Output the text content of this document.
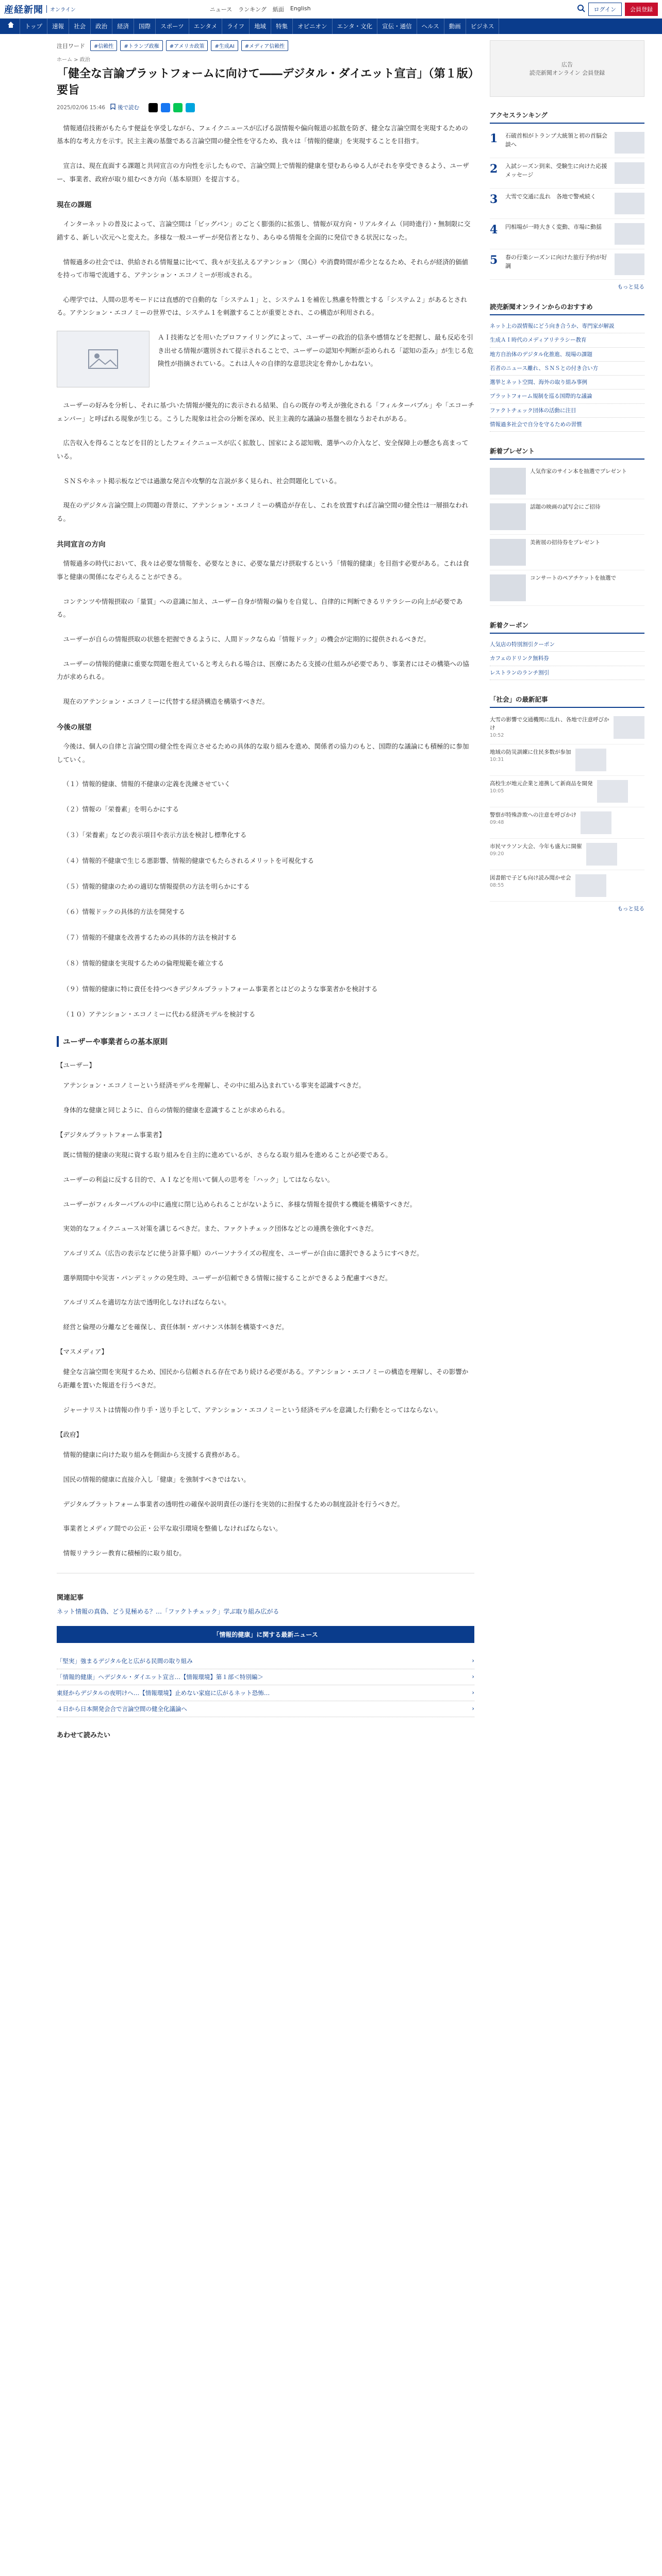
産経新聞	オンライン	ニュース ランキング 紙面 English	ログイン	会員登録
トップ	速報	社会	政治	経済	国際	スポーツ	エンタメ	ライフ	地域	特集	オピニオン	エンタ・文化	宣伝・通信	ヘルス	動画	ビジネス
注目ワード	#信賴性	#トランプ政権	#アメリカ政策	#生成AI	#メディア信賴性
ホーム > 政治
「健全な言論プラットフォームに向けて――デジタル・ダイエット宣言」（第１版）要旨
2025/02/06 15:46 後で読む

情報通信技術がもたらす便益を享受しながら、フェイクニュースが広げる誤情報や偏向報道の拡散を防ぎ、健全な言論空間を実現するための基本的な考え方を示す。民主主義の基盤である言論空間の健全性を守るため、我々は「情報的健康」を実現することを目指す。

宣言は、現在直面する課題と共同宣言の方向性を示したもので、言論空間上で情報的健康を望むあらゆる人がそれを享受できるよう、ユーザー、事業者、政府が取り組むべき方向（基本原則）を提言する。

現在の課題

インターネットの普及によって、言論空間は「ビッグバン」のごとく膨張的に拡張し、情報が双方向・リアルタイム（同時進行）・無制限に交錯する、新しい次元へと変えた。多様な一般ユーザーが発信者となり、あらゆる情報を全面的に発信できる状況になった。

情報過多の社会では、供給される情報量に比べて、我々が支払えるアテンション（関心）や消費時間が希少となるため、それらが経済的価値を持って市場で流通する、アテンション・エコノミーが形成される。

心理学では、人間の思考モードには直感的で自動的な「システム１」と、システム１を補佐し熟慮を特徴とする「システム２」があるとされる。アテンション・エコノミーの世界では、システム１を刺激することが重要とされ、この構造が利用される。

ＡＩ技術などを用いたプロファイリングによって、ユーザーの政治的信条や感情などを把握し、最も反応を引き出せる情報が選別されて提示されることで、ユーザーの認知や判断が歪められる「認知の歪み」が生じる危険性が指摘されている。これは人々の自律的な意思決定を脅かしかねない。

ユーザーの好みを分析し、それに基づいた情報が優先的に表示される結果、自らの既存の考えが強化される「フィルターバブル」や「エコーチェンバー」と呼ばれる現象が生じる。こうした現象は社会の分断を深め、民主主義的な議論の基盤を損なうおそれがある。

広告収入を得ることなどを目的としたフェイクニュースが広く拡散し、国家による認知戦、選挙への介入など、安全保障上の懸念も高まっている。

ＳＮＳやネット掲示板などでは過激な発言や攻撃的な言説が多く見られ、社会問題化している。

現在のデジタル言論空間上の問題の背景に、アテンション・エコノミーの構造が存在し、これを放置すれば言論空間の健全性は一層損なわれる。

共同宣言の方向

情報過多の時代において、我々は必要な情報を、必要なときに、必要な量だけ摂取するという「情報的健康」を目指す必要がある。これは食事と健康の関係になぞらえることができる。

コンテンツや情報摂取の「量質」への意識に加え、ユーザー自身が情報の偏りを自覚し、自律的に判断できるリテラシーの向上が必要である。

ユーザーが自らの情報摂取の状態を把握できるように、人間ドックならぬ「情報ドック」の機会が定期的に提供されるべきだ。

ユーザーの情報的健康に重要な問題を抱えていると考えられる場合は、医療にあたる支援の仕組みが必要であり、事業者にはその構築への協力が求められる。

現在のアテンション・エコノミーに代替する経済構造を構築すべきだ。

今後の展望

今後は、個人の自律と言論空間の健全性を両立させるための具体的な取り組みを進め、関係者の協力のもと、国際的な議論にも積極的に参加していく。

（１）情報的健康、情報的不健康の定義を洗練させていく
（２）情報の「栄養素」を明らかにする
（３）「栄養素」などの表示項目や表示方法を検討し標準化する
（４）情報的不健康で生じる悪影響、情報的健康でもたらされるメリットを可視化する
（５）情報的健康のための適切な情報提供の方法を明らかにする
（６）情報ドックの具体的方法を開発する
（７）情報的不健康を改善するための具体的方法を検討する
（８）情報的健康を実現するための倫理規範を確立する
（９）情報的健康に特に責任を持つべきデジタルプラットフォーム事業者とはどのような事業者かを検討する
（１０）アテンション・エコノミーに代わる経済モデルを検討する
ユーザーや事業者らの基本原則
【ユーザー】

アテンション・エコノミーという経済モデルを理解し、その中に組み込まれている事実を認識すべきだ。

身体的な健康と同じように、自らの情報的健康を意識することが求められる。

【デジタルプラットフォーム事業者】

既に情報的健康の実現に資する取り組みを自主的に進めているが、さらなる取り組みを進めることが必要である。

ユーザーの利益に反する目的で、ＡＩなどを用いて個人の思考を「ハック」してはならない。

ユーザーがフィルターバブルの中に過度に閉じ込められることがないように、多様な情報を提供する機能を構築すべきだ。

実効的なフェイクニュース対策を講じるべきだ。また、ファクトチェック団体などとの連携を強化すべきだ。

アルゴリズム（広告の表示などに使う計算手順）のパーソナライズの程度を、ユーザーが自由に選択できるようにすべきだ。

選挙期間中や災害・パンデミックの発生時、ユーザーが信頼できる情報に接することができるよう配慮すべきだ。

アルゴリズムを適切な方法で透明化しなければならない。

経営と倫理の分離などを確保し、責任体制・ガバナンス体制を構築すべきだ。

【マスメディア】

健全な言論空間を実現するため、国民から信頼される存在であり続ける必要がある。アテンション・エコノミーの構造を理解し、その影響から距離を置いた報道を行うべきだ。

ジャーナリストは情報の作り手・送り手として、アテンション・エコノミーという経済モデルを意識した行動をとってはならない。

【政府】

情報的健康に向けた取り組みを側面から支援する責務がある。

国民の情報的健康に直接介入し「健康」を強制すべきではない。

デジタルプラットフォーム事業者の透明性の確保や説明責任の遂行を実効的に担保するための制度設計を行うべきだ。

事業者とメディア間での公正・公平な取引環境を整備しなければならない。

情報リテラシー教育に積極的に取り組む。

関連記事
ネット情報の真偽、どう見極める？…「ファクトチェック」学ぶ取り組み広がる
「情報的健康」に関する最新ニュース
「堅実」強まるデジタル化と広がる民間の取り組み	›
「情報的健康」ヘデジタル・ダイエット宣言…【情報環境】第１部＜特別編＞	›
東経からデジタルの夜明けへ…【情報環境】止めない家庭に広がるネット恐怖…	›
４日から日本開発会合で言論空間の健全化議論へ	›
あわせて読みたい
広告
読売新聞オンライン 会員登録
アクセスランキング
1	石破首相がトランプ大統領と初の首脳会談へ
2	入試シーズン到来、受験生に向けた応援メッセージ
3	大雪で交通に乱れ　各地で警戒続く
4	円相場が一時大きく変動、市場に動揺
5	春の行楽シーズンに向けた旅行予約が好調
もっと見る
読売新聞オンラインからのおすすめ
ネット上の誤情報にどう向き合うか、専門家が解説
生成ＡＩ時代のメディアリテラシー教育
地方自治体のデジタル化推進、現場の課題
若者のニュース離れ、ＳＮＳとの付き合い方
選挙とネット空間、海外の取り組み事例
プラットフォーム規制を巡る国際的な議論
ファクトチェック団体の活動に注目
情報過多社会で自分を守るための習慣
新着プレゼント
人気作家のサイン本を抽選でプレゼント
話題の映画の試写会にご招待
美術展の招待券をプレゼント
コンサートのペアチケットを抽選で
新着クーポン
人気店の特別割引クーポン
カフェのドリンク無料券
レストランのランチ割引
「社会」の最新記事
大雪の影響で交通機関に乱れ、各地で注意呼びかけ
10:52
地域の防災訓練に住民多数が参加
10:31
高校生が地元企業と連携して新商品を開発
10:05
警察が特殊詐欺への注意を呼びかけ
09:48
市民マラソン大会、今年も盛大に開催
09:20
図書館で子ども向け読み聞かせ会
08:55
もっと見る
